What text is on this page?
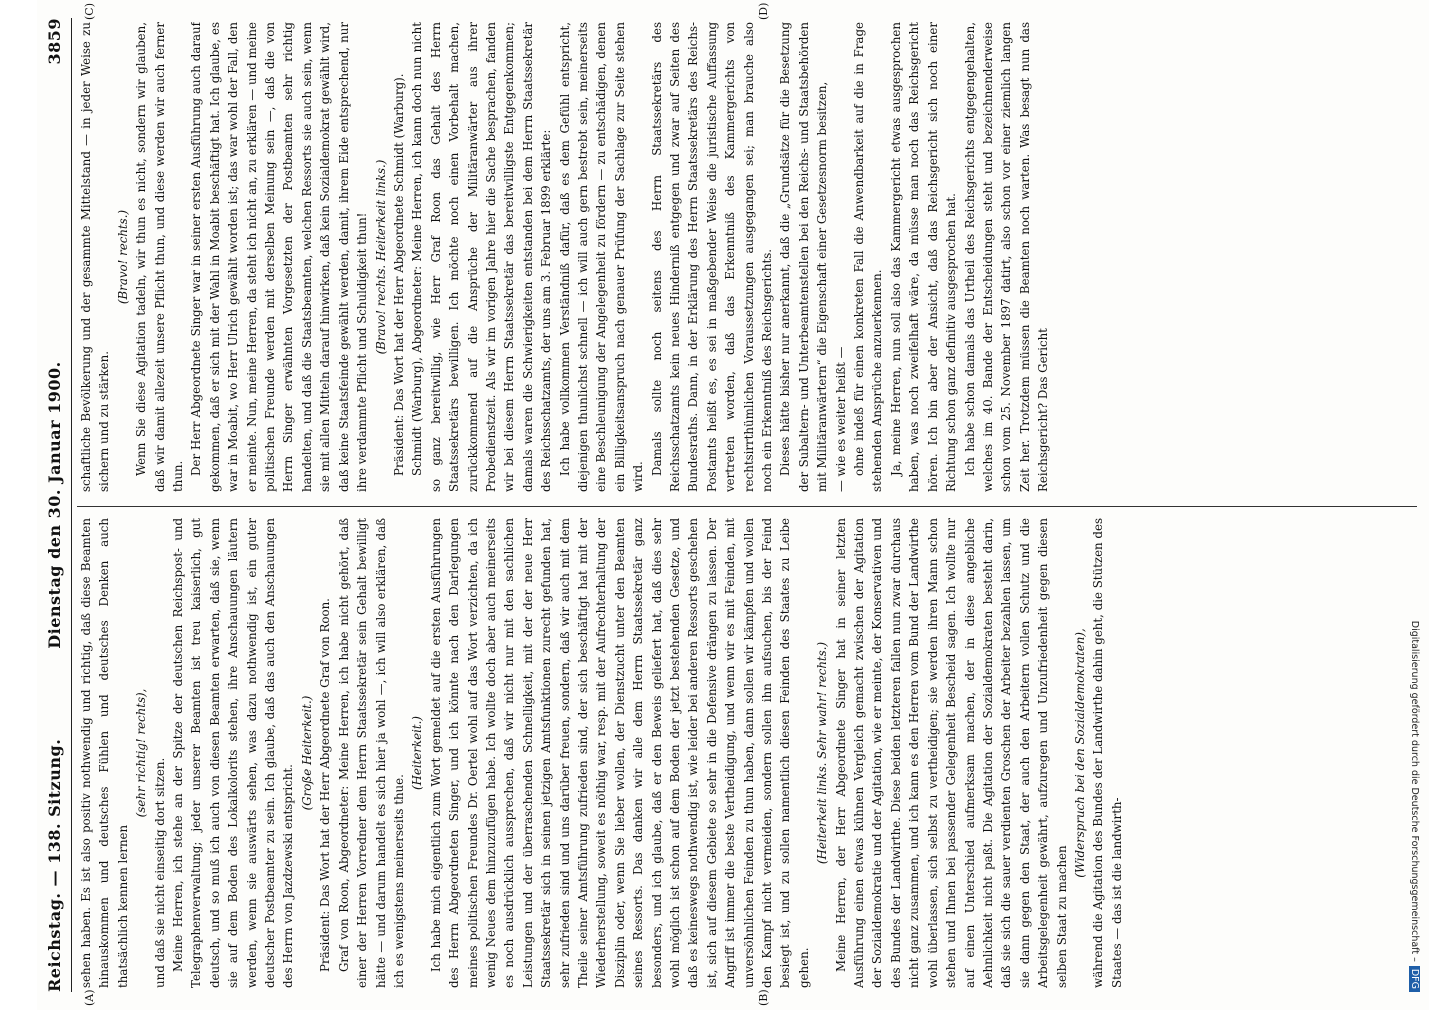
Reichstag. — 138. Sitzung.
Dienstag den 30. Januar 1900.
3859

sehen haben. Es ist also positiv nothwendig und richtig, daß diese Beamten hinauskommen und deutsches Fühlen und deutsches Denken auch thatsächlich kennen lernen

(sehr richtig! rechts),

und daß sie nicht einseitig dort sitzen. Meine Herren, ich stehe an der Spitze der deutschen Reichspost- und Telegraphenverwaltung; jeder unserer Beamten ist treu kaiserlich, gut deutsch, und so muß ich auch von diesen Beamten erwarten, daß sie, wenn sie auf dem Boden des Lokalkolorits stehen, ihre Anschauungen läutern werden, wenn sie auswärts sehen, was dazu nothwendig ist, ein guter deutscher Postbeamter zu sein. Ich glaube, daß das auch den Anschauungen des Herrn von Jazdzewski entspricht.

(Große Heiterkeit.) Präsident: Das Wort hat der Herr Abgeordnete Graf von Roon. Graf von Roon, Abgeordneter: Meine Herren, ich habe nicht gehört, daß einer der Herren Vorredner dem Herrn Staatssekretär sein Gehalt bewilligt hätte — und darum handelt es sich hier ja wohl —, ich will also erklären, daß ich es wenigstens meinerseits thue.

(Heiterkeit.) Ich habe mich eigentlich zum Wort gemeldet auf die ersten Ausführungen des Herrn Abgeordneten Singer, und ich könnte nach den Darlegungen meines politischen Freundes Dr. Oertel wohl auf das Wort verzichten, da ich wenig Neues dem hinzuzufügen habe. Ich wollte doch aber auch meinerseits es noch ausdrücklich aussprechen, daß wir nicht nur mit den sachlichen Leistungen und der überraschenden Schnelligkeit, mit der der neue Herr Staatssekretär sich in seinen jetzigen Amtsfunktionen zurecht gefunden hat, sehr zufrieden sind und uns darüber freuen, sondern, daß wir auch mit dem Theile seiner Amtsführung zufrieden sind, der sich beschäftigt hat mit der Wiederherstellung, soweit es nöthig war, resp. mit der Aufrechterhaltung der Disziplin oder, wenn Sie lieber wollen, der Dienstzucht unter den Beamten seines Ressorts. Das danken wir alle dem Herrn Staatssekretär ganz besonders, und ich glaube, daß er den Beweis geliefert hat, daß dies sehr wohl möglich ist schon auf dem Boden der jetzt bestehenden Gesetze, und daß es keineswegs nothwendig ist, wie leider bei anderen Ressorts geschehen ist, sich auf diesem Gebiete so sehr in die Defensive drängen zu lassen. Der Angriff ist immer die beste Vertheidigung, und wenn wir es mit Feinden, mit unversöhnlichen Feinden zu thun haben, dann sollen wir kämpfen und wollen den Kampf nicht vermeiden, sondern sollen ihn aufsuchen, bis der Feind besiegt ist, und zu sollen namentlich diesen Feinden des Staates zu Leibe gehen.

(Heiterkeit links. Sehr wahr! rechts.) Meine Herren, der Herr Abgeordnete Singer hat in seiner letzten Ausführung einen etwas kühnen Vergleich gemacht zwischen der Agitation der Sozialdemokratie und der Agitation, wie er meinte, der Konservativen und des Bundes der Landwirthe. Diese beiden letzteren fallen nun zwar durchaus nicht ganz zusammen, und ich kann es den Herren vom Bund der Landwirthe wohl überlassen, sich selbst zu vertheidigen; sie werden ihren Mann schon stehen und Ihnen bei passender Gelegenheit Bescheid sagen. Ich wollte nur auf einen Unterschied aufmerksam machen, der in diese angebliche Aehnlichkeit nicht paßt. Die Agitation der Sozialdemokraten besteht darin, daß sie sich die sauer verdienten Groschen der Arbeiter bezahlen lassen, um sie dann gegen den Staat, der auch den Arbeitern vollen Schutz und die Arbeitsgelegenheit gewährt, aufzuregen und Unzufriedenheit gegen diesen selben Staat zu machen

(Widerspruch bei den Sozialdemokraten), während die Agitation des Bundes der Landwirthe dahin geht, die Stützen des Staates — das ist die landwirth-

schaftliche Bevölkerung und der gesammte Mittelstand — in jeder Weise zu sichern und zu stärken.

(Bravo! rechts.) Wenn Sie diese Agitation tadeln, wir thun es nicht, sondern wir glauben, daß wir damit allezeit unsere Pflicht thun, und diese werden wir auch ferner thun.

Der Herr Abgeordnete Singer war in seiner ersten Ausführung auch darauf gekommen, daß er sich mit der Wahl in Moabit beschäftigt hat. Ich glaube, es war in Moabit, wo Herr Ulrich gewählt worden ist; das war wohl der Fall, den er meinte. Nun, meine Herren, da steht ich nicht an, zu erklären — und meine politischen Freunde werden mit derselben Meinung sein —, daß die von Herrn Singer erwähnten Vorgesetzten der Postbeamten sehr richtig handelten, und daß die Staatsbeamten, welchen Ressorts sie auch sein, wenn sie mit allen Mitteln darauf hinwirken, daß kein Sozialdemokrat gewählt wird, daß keine Staatsfeinde gewählt werden, damit, ihrem Eide entsprechend, nur ihre verdammte Pflicht und Schuldigkeit thun! (Bravo! rechts. Heiterkeit links.) Präsident: Das Wort hat der Herr Abgeordnete Schmidt (Warburg). Schmidt (Warburg), Abgeordneter: Meine Herren, ich kann doch nun nicht so ganz bereitwillig, wie Herr Graf Roon das Gehalt des Herrn Staatssekretärs bewilligen. Ich möchte noch einen Vorbehalt machen, zurückkommend auf die Ansprüche der Militäranwärter aus ihrer Probedienstzeit. Als wir im vorigen Jahre hier die Sache besprachen, fanden wir bei diesem Herrn Staatssekretär das bereitwilligste Entgegenkommen; damals waren die Schwierigkeiten entstanden bei dem Herrn Staatssekretär des Reichsschatzamts, der uns am 3. Februar 1899 erklärte: Ich habe vollkommen Verständniß dafür, daß es dem Gefühl entspricht, diejenigen thunlichst schnell — ich will auch gern bestrebt sein, meinerseits eine Beschleunigung der Angelegenheit zu fördern — zu entschädigen, denen ein Billigkeitsanspruch nach genauer Prüfung der Sachlage zur Seite stehen wird.

Damals sollte noch seitens des Herrn Staatssekretärs des Reichsschatzamts kein neues Hinderniß entgegen und zwar auf Seiten des Bundesraths. Dann, in der Erklärung des Herrn Staatssekretärs des Reichs-Postamts heißt es, es sei in maßgebender Weise die juristische Auffassung vertreten worden, daß das Erkenntniß des Kammergerichts von rechtsirrthümlichen Voraussetzungen ausgegangen sei; man brauche also noch ein Erkenntniß des Reichsgerichts. Dieses hätte bisher nur anerkannt, daß die „Grundsätze für die Besetzung der Subaltern- und Unterbeamtenstellen bei den Reichs- und Staatsbehörden mit Militäranwärtern“ die Eigenschaft einer Gesetzesnorm besitzen, — wie es weiter heißt — ohne indeß für einen konkreten Fall die Anwendbarkeit auf die in Frage stehenden Ansprüche anzuerkennen. Ja, meine Herren, nun soll also das Kammergericht etwas ausgesprochen haben, was noch zweifelhaft wäre, da müsse man noch das Reichsgericht hören. Ich bin aber der Ansicht, daß das Reichsgericht sich noch einer Richtung schon ganz definitiv ausgesprochen hat. Ich habe schon damals das Urtheil des Reichsgerichts entgegengehalten, welches im 40. Bande der Entscheidungen steht und bezeichnenderweise schon vom 25. November 1897 datirt, also schon vor einer ziemlich langen Zeit her. Trotzdem müssen die Beamten noch warten. Was besagt nun das Reichsgericht? Das Gericht

(A)	(B)
(C)	(D)
Digitalisierung gefördert durch die Deutsche Forschungsgemeinschaft –DFG
